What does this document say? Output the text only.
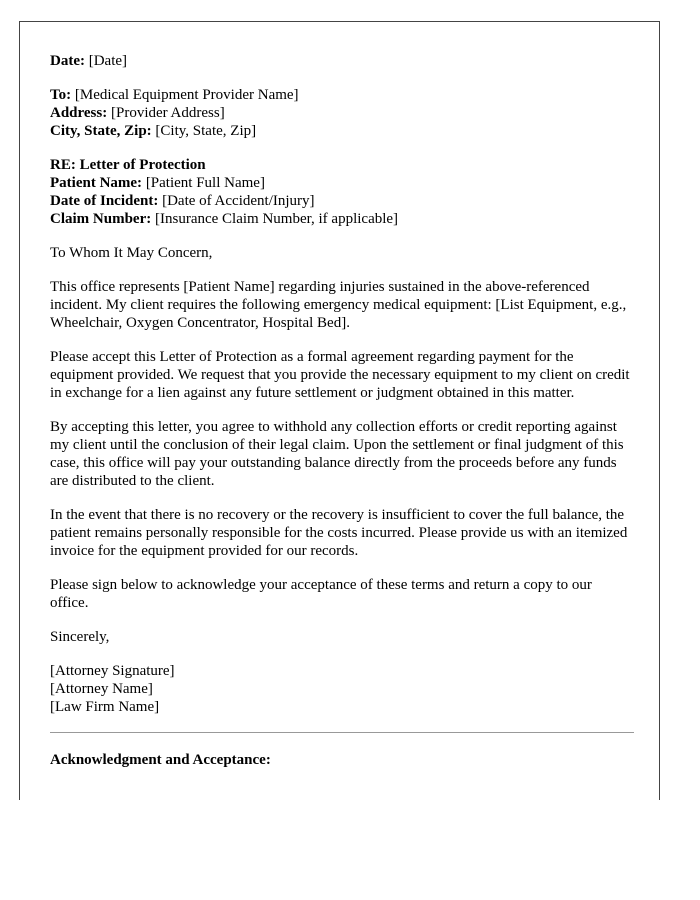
Date: [Date]

To: [Medical Equipment Provider Name]
Address: [Provider Address]
City, State, Zip: [City, State, Zip]

RE: Letter of Protection
Patient Name: [Patient Full Name]
Date of Incident: [Date of Accident/Injury]
Claim Number: [Insurance Claim Number, if applicable]

To Whom It May Concern,

This office represents [Patient Name] regarding injuries sustained in the above-referenced incident. My client requires the following emergency medical equipment: [List Equipment, e.g., Wheelchair, Oxygen Concentrator, Hospital Bed].

Please accept this Letter of Protection as a formal agreement regarding payment for the equipment provided. We request that you provide the necessary equipment to my client on credit in exchange for a lien against any future settlement or judgment obtained in this matter.

By accepting this letter, you agree to withhold any collection efforts or credit reporting against my client until the conclusion of their legal claim. Upon the settlement or final judgment of this case, this office will pay your outstanding balance directly from the proceeds before any funds are distributed to the client.

In the event that there is no recovery or the recovery is insufficient to cover the full balance, the patient remains personally responsible for the costs incurred. Please provide us with an itemized invoice for the equipment provided for our records.

Please sign below to acknowledge your acceptance of these terms and return a copy to our office.

Sincerely,

[Attorney Signature]
[Attorney Name]
[Law Firm Name]

Acknowledgment and Acceptance:
